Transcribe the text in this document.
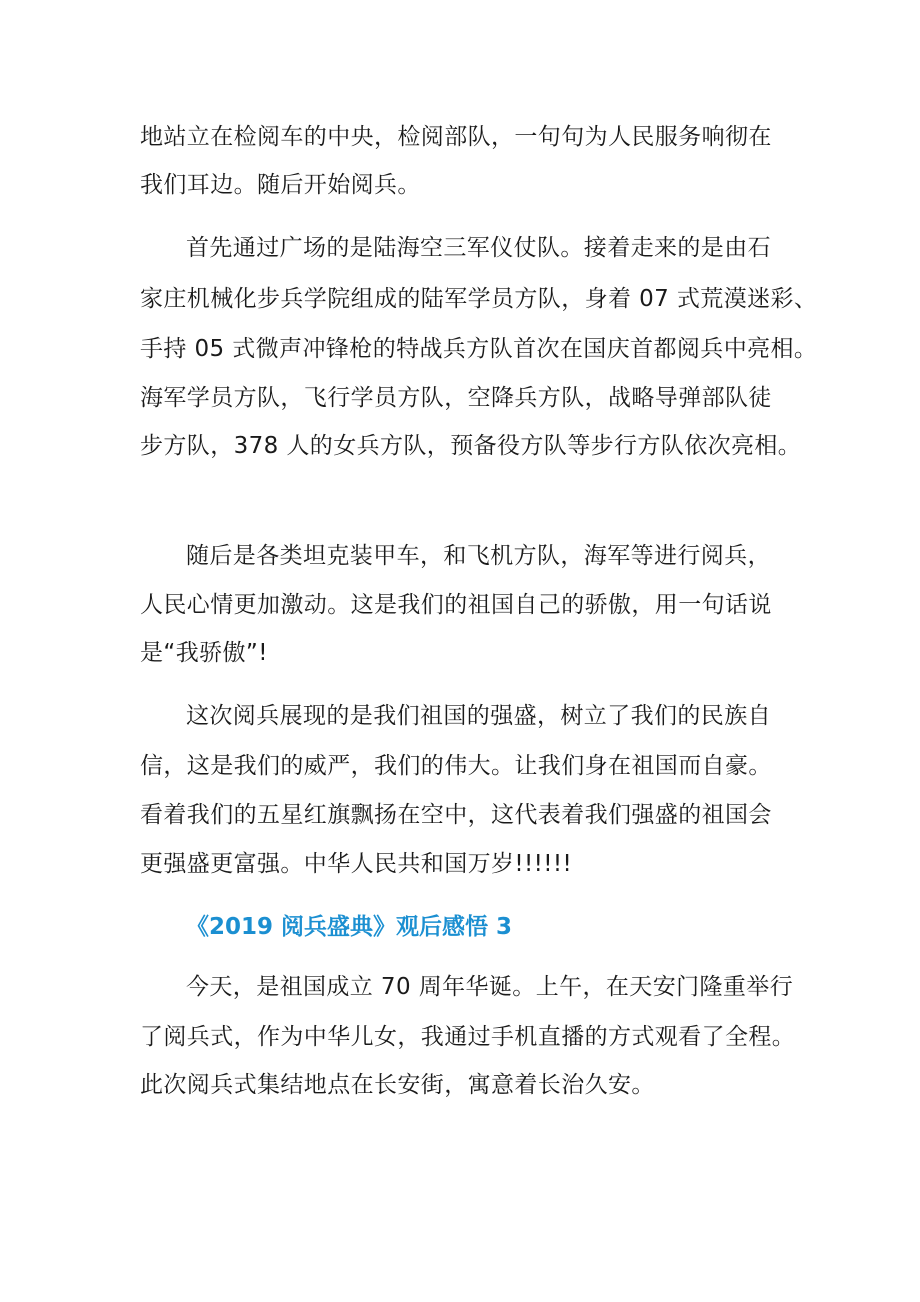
地站立在检阅车的中央，检阅部队，一句句为人民服务响彻在
我们耳边。随后开始阅兵。
首先通过广场的是陆海空三军仪仗队。接着走来的是由石
家庄机械化步兵学院组成的陆军学员方队，身着 07 式荒漠迷彩、
手持 05 式微声冲锋枪的特战兵方队首次在国庆首都阅兵中亮相。
海军学员方队，飞行学员方队，空降兵方队，战略导弹部队徒
步方队，378 人的女兵方队，预备役方队等步行方队依次亮相。
随后是各类坦克装甲车，和飞机方队，海军等进行阅兵，
人民心情更加激动。这是我们的祖国自己的骄傲，用一句话说
是“我骄傲”!
这次阅兵展现的是我们祖国的强盛，树立了我们的民族自
信，这是我们的威严，我们的伟大。让我们身在祖国而自豪。
看着我们的五星红旗飘扬在空中，这代表着我们强盛的祖国会
更强盛更富强。中华人民共和国万岁!!!!!!
《2019 阅兵盛典》观后感悟 3
今天，是祖国成立 70 周年华诞。上午，在天安门隆重举行
了阅兵式，作为中华儿女，我通过手机直播的方式观看了全程。
此次阅兵式集结地点在长安街，寓意着长治久安。
